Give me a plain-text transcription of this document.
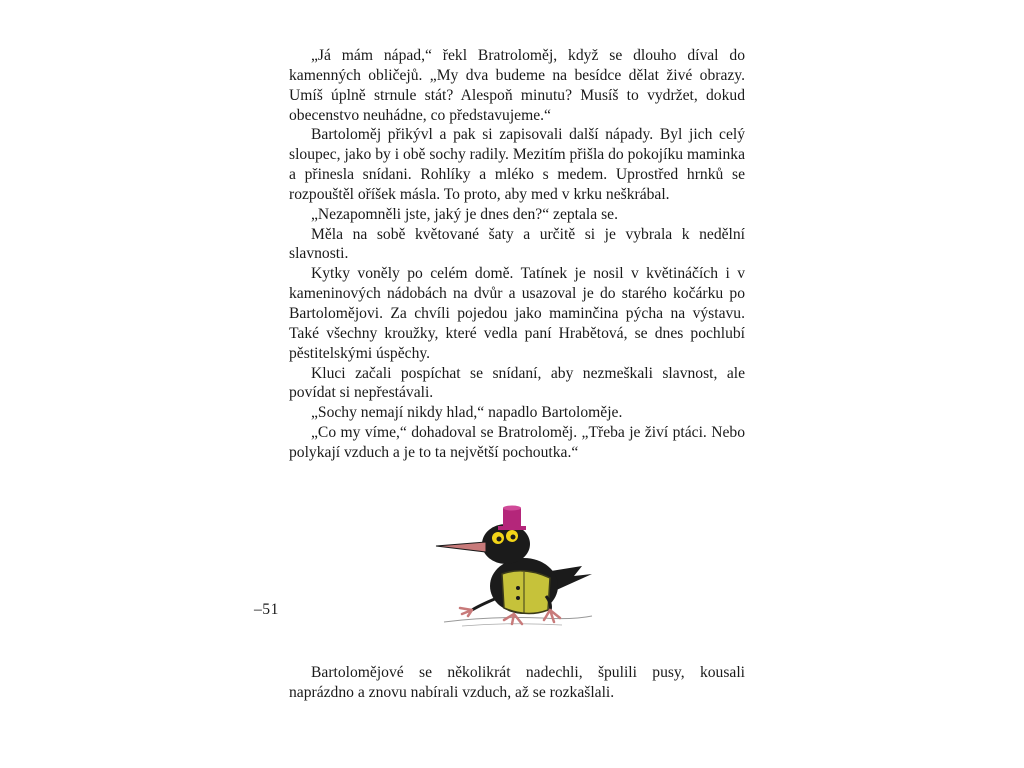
„Já mám nápad,“ řekl Bratroloměj, když se dlouho díval do kamenných obličejů. „My dva budeme na besídce dělat živé obrazy. Umíš úplně strnule stát? Alespoň minutu? Musíš to vydržet, dokud obecenstvo neuhádne, co představujeme.“

Bartoloměj přikývl a pak si zapisovali další nápady. Byl jich celý sloupec, jako by i obě sochy radily. Mezitím přišla do pokojíku maminka a přinesla snídani. Rohlíky a mléko s medem. Uprostřed hrnků se rozpouštěl oříšek másla. To proto, aby med v krku neškrábal.

„Nezapomněli jste, jaký je dnes den?“ zeptala se.

Měla na sobě květované šaty a určitě si je vybrala k nedělní slavnosti.

Kytky voněly po celém domě. Tatínek je nosil v květináčích i v kameninových nádobách na dvůr a usazoval je do starého kočárku po Bartolomějovi. Za chvíli pojedou jako maminčina pýcha na výstavu. Také všechny kroužky, které vedla paní Hrabětová, se dnes pochlubí pěstitelskými úspěchy.

Kluci začali pospíchat se snídaní, aby nezmeškali slavnost, ale povídat si nepřestávali.

„Sochy nemají nikdy hlad,“ napadlo Bartoloměje.

„Co my víme,“ dohadoval se Bratroloměj. „Třeba je živí ptáci. Nebo polykají vzduch a je to ta největší pochoutka.“

–51

Bartolomějové se několikrát nadechli, špulili pusy, kousali naprázdno a znovu nabírali vzduch, až se rozkašlali.
